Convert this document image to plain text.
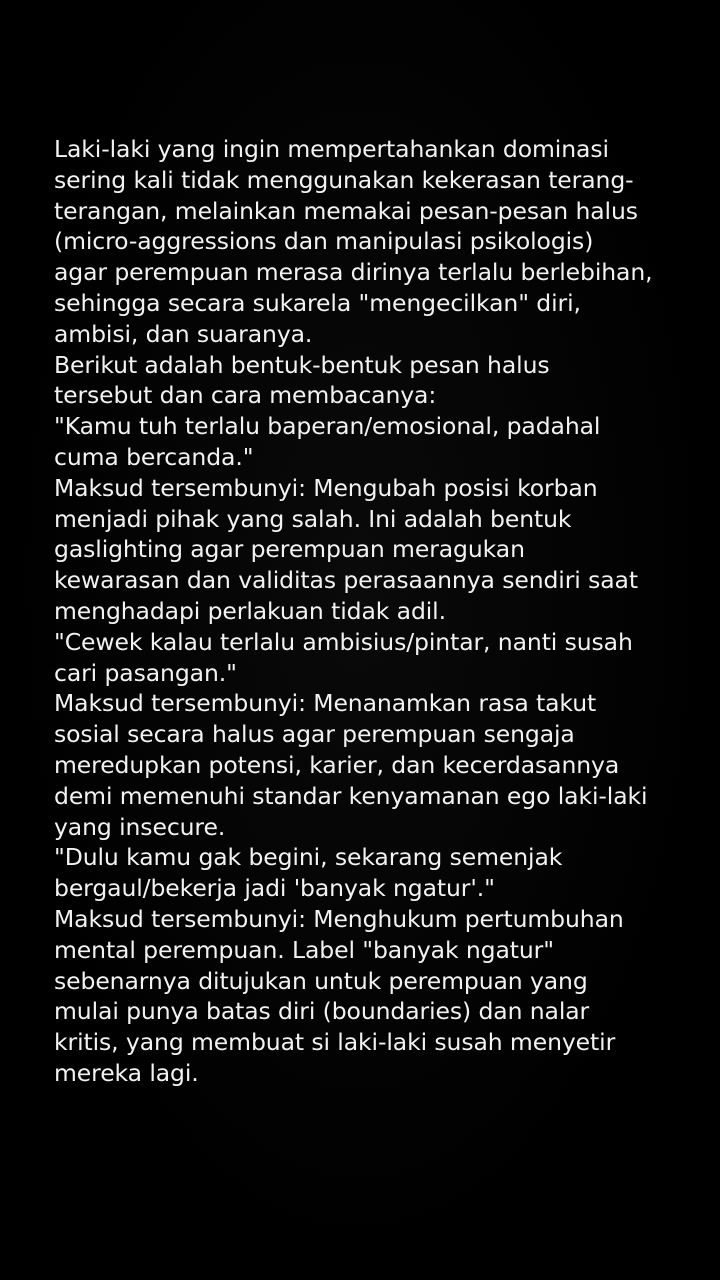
Laki-laki yang ingin mempertahankan dominasi
sering kali tidak menggunakan kekerasan terang-
terangan, melainkan memakai pesan-pesan halus
(micro-aggressions dan manipulasi psikologis)
agar perempuan merasa dirinya terlalu berlebihan,
sehingga secara sukarela "mengecilkan" diri,
ambisi, dan suaranya.
Berikut adalah bentuk-bentuk pesan halus
tersebut dan cara membacanya:
"Kamu tuh terlalu baperan/emosional, padahal
cuma bercanda."
Maksud tersembunyi: Mengubah posisi korban
menjadi pihak yang salah. Ini adalah bentuk
gaslighting agar perempuan meragukan
kewarasan dan validitas perasaannya sendiri saat
menghadapi perlakuan tidak adil.
"Cewek kalau terlalu ambisius/pintar, nanti susah
cari pasangan."
Maksud tersembunyi: Menanamkan rasa takut
sosial secara halus agar perempuan sengaja
meredupkan potensi, karier, dan kecerdasannya
demi memenuhi standar kenyamanan ego laki-laki
yang insecure.
"Dulu kamu gak begini, sekarang semenjak
bergaul/bekerja jadi 'banyak ngatur'."
Maksud tersembunyi: Menghukum pertumbuhan
mental perempuan. Label "banyak ngatur"
sebenarnya ditujukan untuk perempuan yang
mulai punya batas diri (boundaries) dan nalar
kritis, yang membuat si laki-laki susah menyetir
mereka lagi.
